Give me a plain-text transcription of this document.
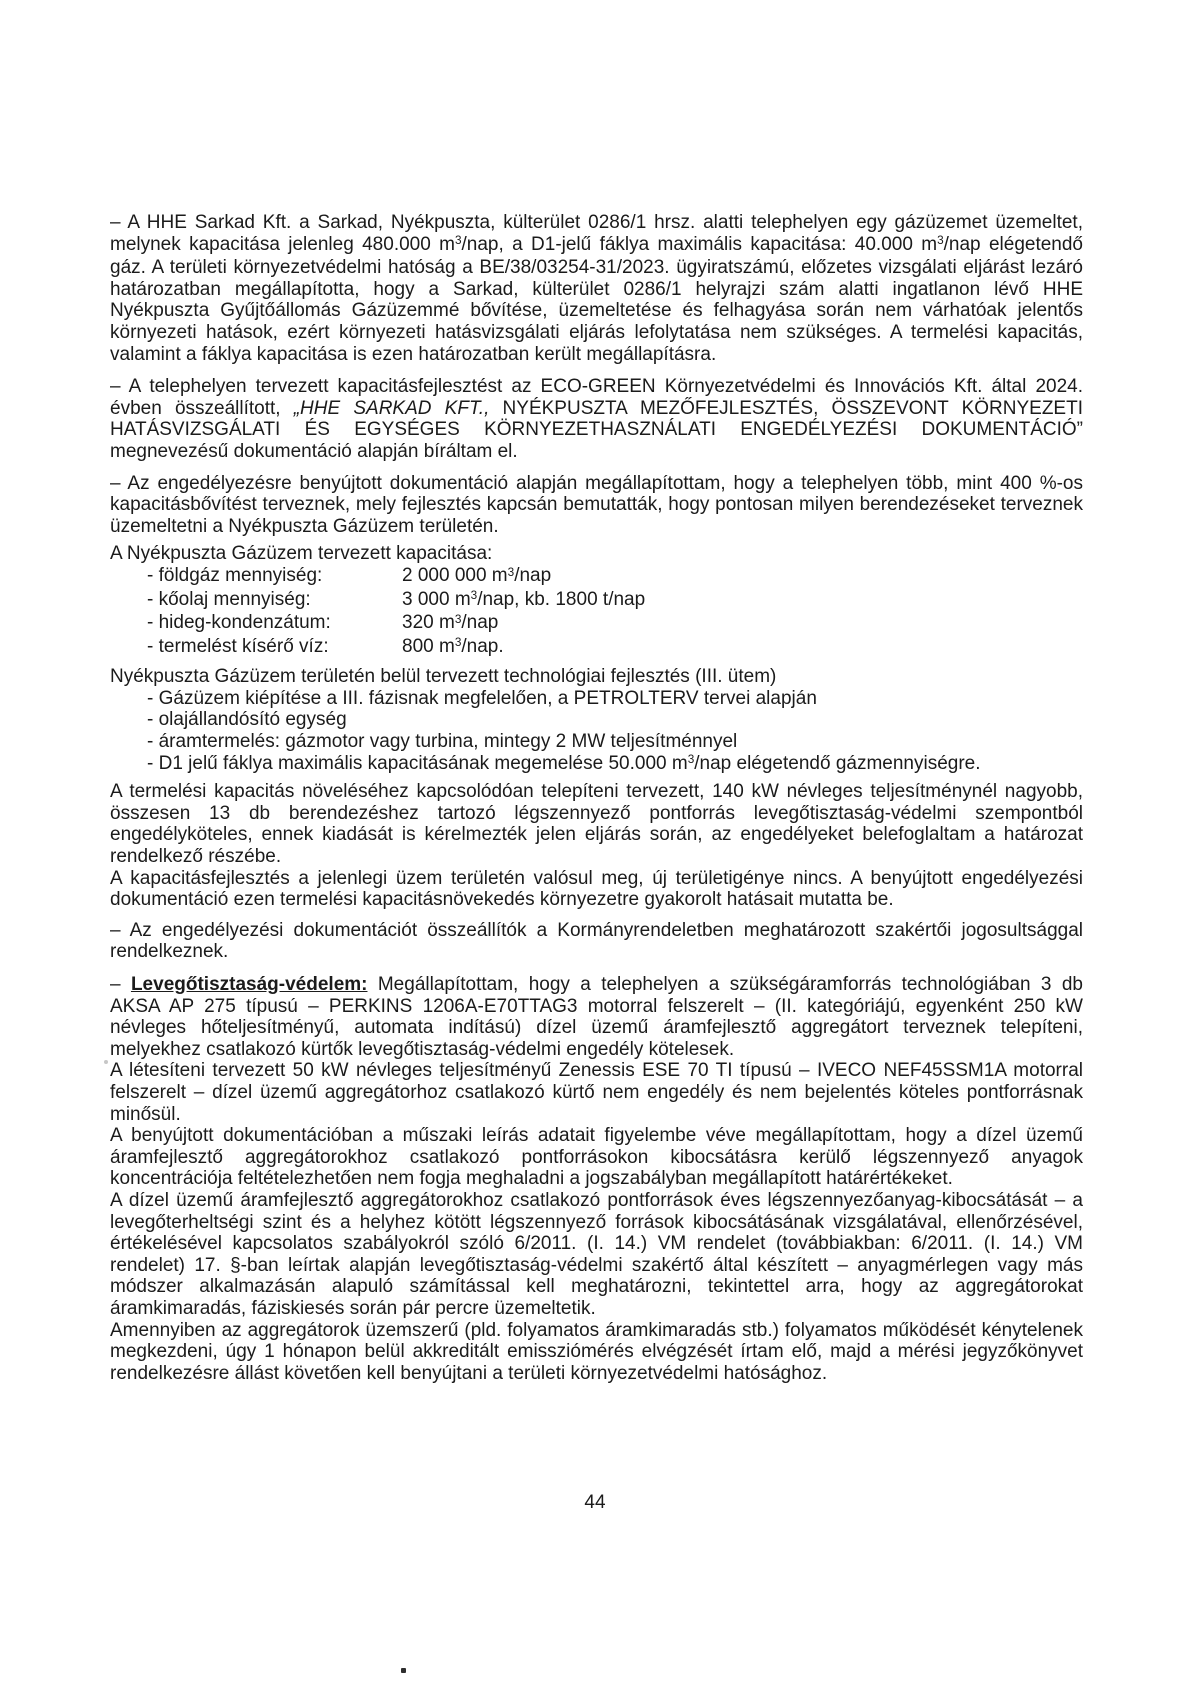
– A HHE Sarkad Kft. a Sarkad, Nyékpuszta, külterület 0286/1 hrsz. alatti telephelyen egy gázüzemet üzemeltet, melynek kapacitása jelenleg 480.000 $m^3$/nap, a D1-jelű fáklya maximális kapacitása: 40.000 $m^3$/nap elégetendő gáz. A területi környezetvédelmi hatóság a BE/38/03254-31/2023. ügyiratszámú, előzetes vizsgálati eljárást lezáró határozatban megállapította, hogy a Sarkad, külterület 0286/1 helyrajzi szám alatti ingatlanon lévő HHE Nyékpuszta Gyűjtőállomás Gázüzemmé bővítése, üzemeltetése és felhagyása során nem várhatóak jelentős környezeti hatások, ezért környezeti hatásvizsgálati eljárás lefolytatása nem szükséges. A termelési kapacitás, valamint a fáklya kapacitása is ezen határozatban került megállapításra.
– A telephelyen tervezett kapacitásfejlesztést az ECO-GREEN Környezetvédelmi és Innovációs Kft. által 2024. évben összeállított, „HHE SARKAD KFT., NYÉKPUSZTA MEZŐFEJLESZTÉS, ÖSSZEVONT KÖRNYEZETI HATÁSVIZSGÁLATI ÉS EGYSÉGES KÖRNYEZETHASZNÁLATI ENGEDÉLYEZÉSI DOKUMENTÁCIÓ” megnevezésű dokumentáció alapján bíráltam el.
– Az engedélyezésre benyújtott dokumentáció alapján megállapítottam, hogy a telephelyen több, mint 400 %-os kapacitásbővítést terveznek, mely fejlesztés kapcsán bemutatták, hogy pontosan milyen berendezéseket terveznek üzemeltetni a Nyékpuszta Gázüzem területén.
A Nyékpuszta Gázüzem tervezett kapacitása:
- földgáz mennyiség:	2 000 000 $m^3$/nap
- kőolaj mennyiség:	3 000 $m^3$/nap, kb. 1800 t/nap
- hideg-kondenzátum:	320 $m^3$/nap
- termelést kísérő víz:	800 $m^3$/nap.
Nyékpuszta Gázüzem területén belül tervezett technológiai fejlesztés (III. ütem)
- Gázüzem kiépítése a III. fázisnak megfelelően, a PETROLTERV tervei alapján
- olajállandósító egység
- áramtermelés: gázmotor vagy turbina, mintegy 2 MW teljesítménnyel
- D1 jelű fáklya maximális kapacitásának megemelése 50.000 $m^3$/nap elégetendő gázmennyiségre.
A termelési kapacitás növeléséhez kapcsolódóan telepíteni tervezett, 140 kW névleges teljesítménynél nagyobb, összesen 13 db berendezéshez tartozó légszennyező pontforrás levegőtisztaság-védelmi szempontból engedélyköteles, ennek kiadását is kérelmezték jelen eljárás során, az engedélyeket belefoglaltam a határozat rendelkező részébe.
A kapacitásfejlesztés a jelenlegi üzem területén valósul meg, új területigénye nincs. A benyújtott engedélyezési dokumentáció ezen termelési kapacitásnövekedés környezetre gyakorolt hatásait mutatta be.
– Az engedélyezési dokumentációt összeállítók a Kormányrendeletben meghatározott szakértői jogosultsággal rendelkeznek.
– Levegőtisztaság-védelem: Megállapítottam, hogy a telephelyen a szükségáramforrás technológiában 3 db AKSA AP 275 típusú – PERKINS 1206A-E70TTAG3 motorral felszerelt – (II. kategóriájú, egyenként 250 kW névleges hőteljesítményű, automata indítású) dízel üzemű áramfejlesztő aggregátort terveznek telepíteni, melyekhez csatlakozó kürtők levegőtisztaság-védelmi engedély kötelesek.
A létesíteni tervezett 50 kW névleges teljesítményű Zenessis ESE 70 TI típusú – IVECO NEF45SSM1A motorral felszerelt – dízel üzemű aggregátorhoz csatlakozó kürtő nem engedély és nem bejelentés köteles pontforrásnak minősül.
A benyújtott dokumentációban a műszaki leírás adatait figyelembe véve megállapítottam, hogy a dízel üzemű áramfejlesztő aggregátorokhoz csatlakozó pontforrásokon kibocsátásra kerülő légszennyező anyagok koncentrációja feltételezhetően nem fogja meghaladni a jogszabályban megállapított határértékeket.
A dízel üzemű áramfejlesztő aggregátorokhoz csatlakozó pontforrások éves légszennyezőanyag-kibocsátását – a levegőterheltségi szint és a helyhez kötött légszennyező források kibocsátásának vizsgálatával, ellenőrzésével, értékelésével kapcsolatos szabályokról szóló 6/2011. (I. 14.) VM rendelet (továbbiakban: 6/2011. (I. 14.) VM rendelet) 17. §-ban leírtak alapján levegőtisztaság-védelmi szakértő által készített – anyagmérlegen vagy más módszer alkalmazásán alapuló számítással kell meghatározni, tekintettel arra, hogy az aggregátorokat áramkimaradás, fáziskiesés során pár percre üzemeltetik.
Amennyiben az aggregátorok üzemszerű (pld. folyamatos áramkimaradás stb.) folyamatos működését kénytelenek megkezdeni, úgy 1 hónapon belül akkreditált emissziómérés elvégzését írtam elő, majd a mérési jegyzőkönyvet rendelkezésre állást követően kell benyújtani a területi környezetvédelmi hatósághoz.
44
